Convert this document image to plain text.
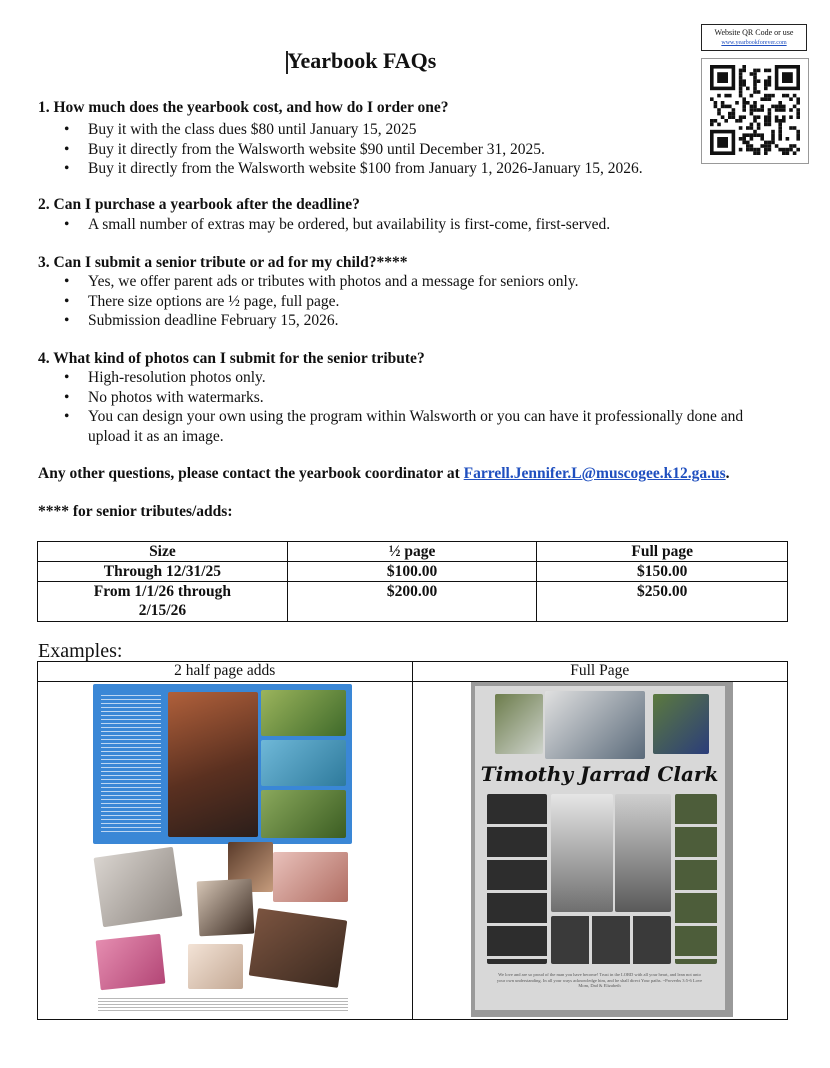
Yearbook FAQs
Website QR Code or use
www.yearbookforever.com
1. How much does the yearbook cost, and how do I order one?
• Buy it with the class dues $80 until January 15, 2025
• Buy it directly from the Walsworth website $90 until December 31, 2025.
• Buy it directly from the Walsworth website $100 from January 1, 2026-January 15, 2026.
2. Can I purchase a yearbook after the deadline?
• A small number of extras may be ordered, but availability is first-come, first-served.
3. Can I submit a senior tribute or ad for my child?****
• Yes, we offer parent ads or tributes with photos and a message for seniors only.
• There size options are ½ page, full page.
• Submission deadline February 15, 2026.
4. What kind of photos can I submit for the senior tribute?
• High-resolution photos only.
• No photos with watermarks.
• You can design your own using the program within Walsworth or you can have it professionally done and upload it as an image.
Any other questions, please contact the yearbook coordinator at Farrell.Jennifer.L@muscogee.k12.ga.us.
**** for senior tributes/adds:
Size	½ page	Full page
Through 12/31/25	$100.00	$150.00

From 1/1/26 through 2/15/26	$200.00	$250.00
Examples:
2 half page adds	Full Page

	Timothy Jarrad Clark
We love and are so proud of the man you have become! Trust in the LORD with all your heart, and lean not unto your own understanding. In all your ways acknowledge him, and he shall direct Your paths. ~Proverbs 3:5-6 Love Mom, Dad & Elizabeth
